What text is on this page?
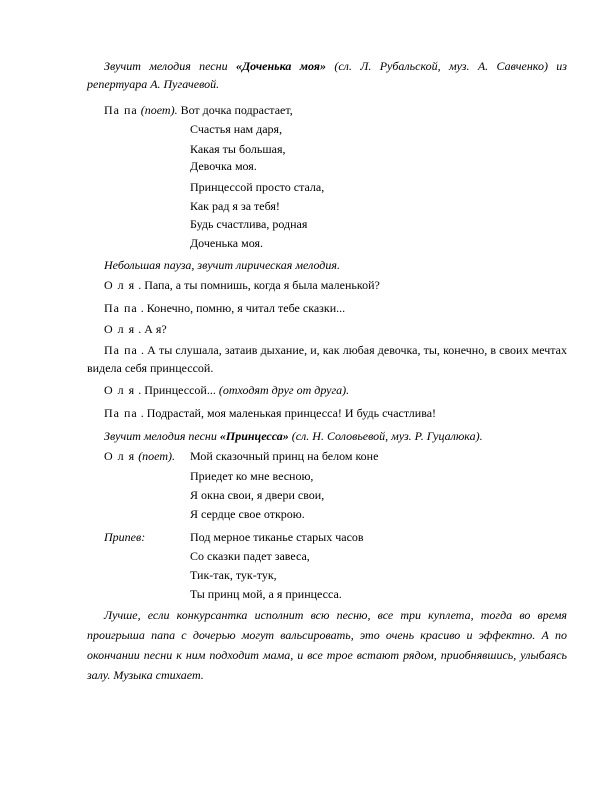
Звучит мелодия песни «Доченька моя» (сл. Л. Рубальской, муз. А. Савченко) из репертуара А. Пугачевой.

Па па (поет). Вот дочка подрастает,

Счастья нам даря,

Какая ты большая,

Девочка моя.

Принцессой просто стала,

Как рад я за тебя!

Будь счастлива, родная

Доченька моя.

Небольшая пауза, звучит лирическая мелодия.

О л я . Папа, а ты помнишь, когда я была маленькой?

Па па . Конечно, помню, я читал тебе сказки...

О л я . А я?

Па па . А ты слушала, затаив дыхание, и, как любая девочка, ты, конечно, в своих мечтах видела себя принцессой.

О л я . Принцессой... (отходят друг от друга).

Па па . Подрастай, моя маленькая принцесса! И будь счастлива!

Звучит мелодия песни «Принцесса» (сл. Н. Соловьевой, муз. Р. Гуцалюка).

О л я (поет). Мой сказочный принц на белом коне

Приедет ко мне весною,

Я окна свои, я двери свои,

Я сердце свое открою.

Припев:	Под мерное тиканье старых часов

Со сказки падет завеса,

Тик-так, тук-тук,

Ты принц мой, а я принцесса.

Лучше, если конкурсантка исполнит всю песню, все три куплета, тогда во время проигрыша папа с дочерью могут вальсировать, это очень красиво и эффектно. А по окончании песни к ним подходит мама, и все трое встают рядом, приобнявшись, улыбаясь залу. Музыка стихает.
